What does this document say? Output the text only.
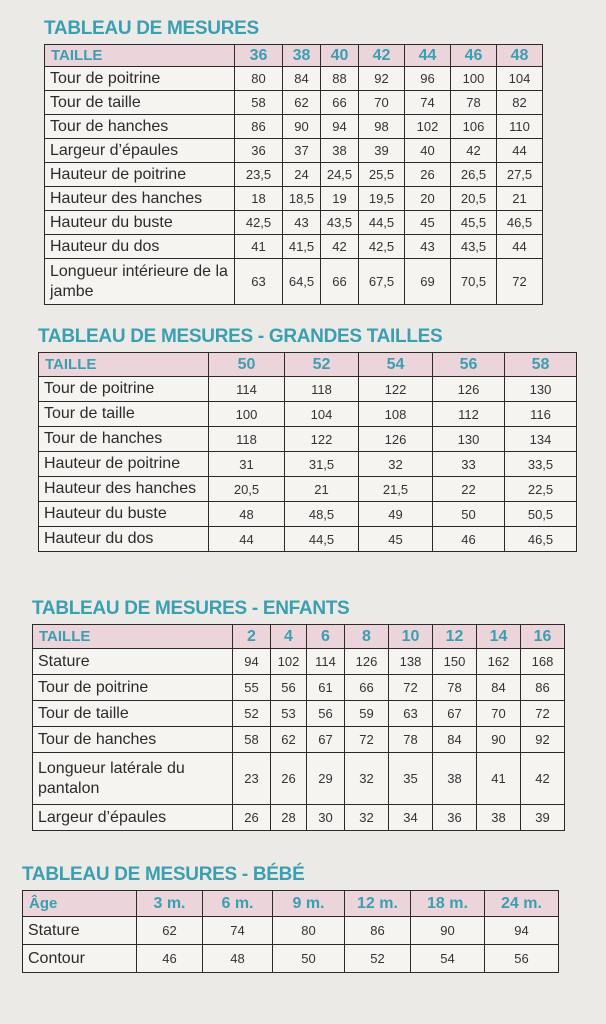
TABLEAU DE MESURES
TAILLE	36	38	40	42	44	46	48
Tour de poitrine	80	84	88	92	96	100	104
Tour de taille	58	62	66	70	74	78	82
Tour de hanches	86	90	94	98	102	106	110
Largeur d’épaules	36	37	38	39	40	42	44
Hauteur de poitrine	23,5	24	24,5	25,5	26	26,5	27,5
Hauteur des hanches	18	18,5	19	19,5	20	20,5	21
Hauteur du buste	42,5	43	43,5	44,5	45	45,5	46,5
Hauteur du dos	41	41,5	42	42,5	43	43,5	44
Longueur intérieure de la jambe	63	64,5	66	67,5	69	70,5	72
TABLEAU DE MESURES - GRANDES TAILLES
TAILLE	50	52	54	56	58
Tour de poitrine	114	118	122	126	130
Tour de taille	100	104	108	112	116
Tour de hanches	118	122	126	130	134
Hauteur de poitrine	31	31,5	32	33	33,5
Hauteur des hanches	20,5	21	21,5	22	22,5
Hauteur du buste	48	48,5	49	50	50,5
Hauteur du dos	44	44,5	45	46	46,5
TABLEAU DE MESURES - ENFANTS
TAILLE	2	4	6	8	10	12	14	16
Stature	94	102	114	126	138	150	162	168
Tour de poitrine	55	56	61	66	72	78	84	86
Tour de taille	52	53	56	59	63	67	70	72
Tour de hanches	58	62	67	72	78	84	90	92
Longueur latérale du pantalon	23	26	29	32	35	38	41	42
Largeur d’épaules	26	28	30	32	34	36	38	39
TABLEAU DE MESURES - BÉBÉ
Âge	3 m.	6 m.	9 m.	12 m.	18 m.	24 m.
Stature	62	74	80	86	90	94
Contour	46	48	50	52	54	56
